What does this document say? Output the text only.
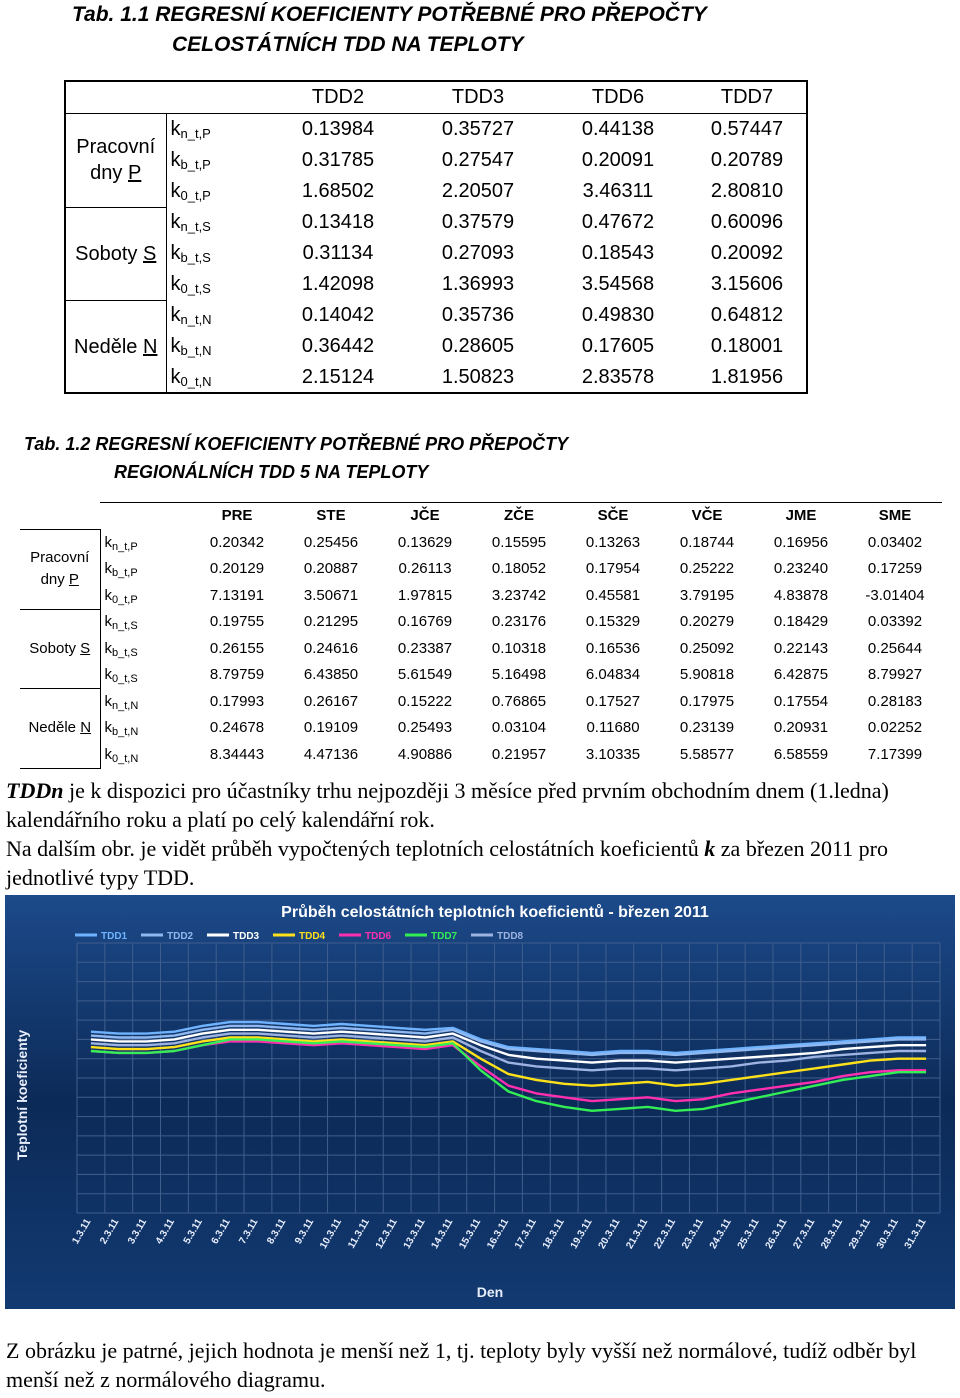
Tab. 1.1 REGRESNÍ KOEFICIENTY POTŘEBNÉ PRO PŘEPOČTY
CELOSTÁTNÍCH TDD NA TEPLOTY
		TDD2	TDD3	TDD6	TDD7
Pracovní
dny P	$k_{n\_t,P}$	0.13984	0.35727	0.44138	0.57447
	$k_{b\_t,P}$	0.31785	0.27547	0.20091	0.20789
	$k_{0\_t,P}$	1.68502	2.20507	3.46311	2.80810
Soboty S	$k_{n\_t,S}$	0.13418	0.37579	0.47672	0.60096
	$k_{b\_t,S}$	0.31134	0.27093	0.18543	0.20092
	$k_{0\_t,S}$	1.42098	1.36993	3.54568	3.15606
Neděle N	$k_{n\_t,N}$	0.14042	0.35736	0.49830	0.64812
	$k_{b\_t,N}$	0.36442	0.28605	0.17605	0.18001
	$k_{0\_t,N}$	2.15124	1.50823	2.83578	1.81956
Tab. 1.2 REGRESNÍ KOEFICIENTY POTŘEBNÉ PRO PŘEPOČTY
REGIONÁLNÍCH TDD 5 NA TEPLOTY
		PRE	STE	JČE	ZČE	SČE	VČE	JME	SME
Pracovní
dny P	$k_{n\_t,P}$	0.20342	0.25456	0.13629	0.15595	0.13263	0.18744	0.16956	0.03402
	$k_{b\_t,P}$	0.20129	0.20887	0.26113	0.18052	0.17954	0.25222	0.23240	0.17259
	$k_{0\_t,P}$	7.13191	3.50671	1.97815	3.23742	0.45581	3.79195	4.83878	-3.01404
Soboty S	$k_{n\_t,S}$	0.19755	0.21295	0.16769	0.23176	0.15329	0.20279	0.18429	0.03392
	$k_{b\_t,S}$	0.26155	0.24616	0.23387	0.10318	0.16536	0.25092	0.22143	0.25644
	$k_{0\_t,S}$	8.79759	6.43850	5.61549	5.16498	6.04834	5.90818	6.42875	8.79927
Neděle N	$k_{n\_t,N}$	0.17993	0.26167	0.15222	0.76865	0.17527	0.17975	0.17554	0.28183
	$k_{b\_t,N}$	0.24678	0.19109	0.25493	0.03104	0.11680	0.23139	0.20931	0.02252
	$k_{0\_t,N}$	8.34443	4.47136	4.90886	0.21957	3.10335	5.58577	6.58559	7.17399
TDDn je k dispozici pro účastníky trhu nejpozději 3 měsíce před prvním obchodním dnem (1.ledna) kalendářního roku a platí po celý kalendářní rok.
Na dalším obr. je vidět průběh vypočtených teplotních celostátních koeficientů k za březen 2011 pro jednotlivé typy TDD.
Průběh celostátních teplotních koeficientů - březen 2011
TDD1	TDD2	TDD3	TDD4	TDD6	TDD7	TDD8
1.3.11 2.3.11 3.3.11 4.3.11 5.3.11 6.3.11 7.3.11 8.3.11 9.3.11 10.3.11 11.3.11 12.3.11 13.3.11 14.3.11 15.3.11 16.3.11 17.3.11 18.3.11 19.3.11 20.3.11 21.3.11 22.3.11 23.3.11 24.3.11 25.3.11 26.3.11 27.3.11 28.3.11 29.3.11 30.3.11 31.3.11
Teplotní koeficienty
Den
Z obrázku je patrné, jejich hodnota je menší než 1, tj. teploty byly vyšší než normálové, tudíž odběr byl menší než z normálového diagramu.
